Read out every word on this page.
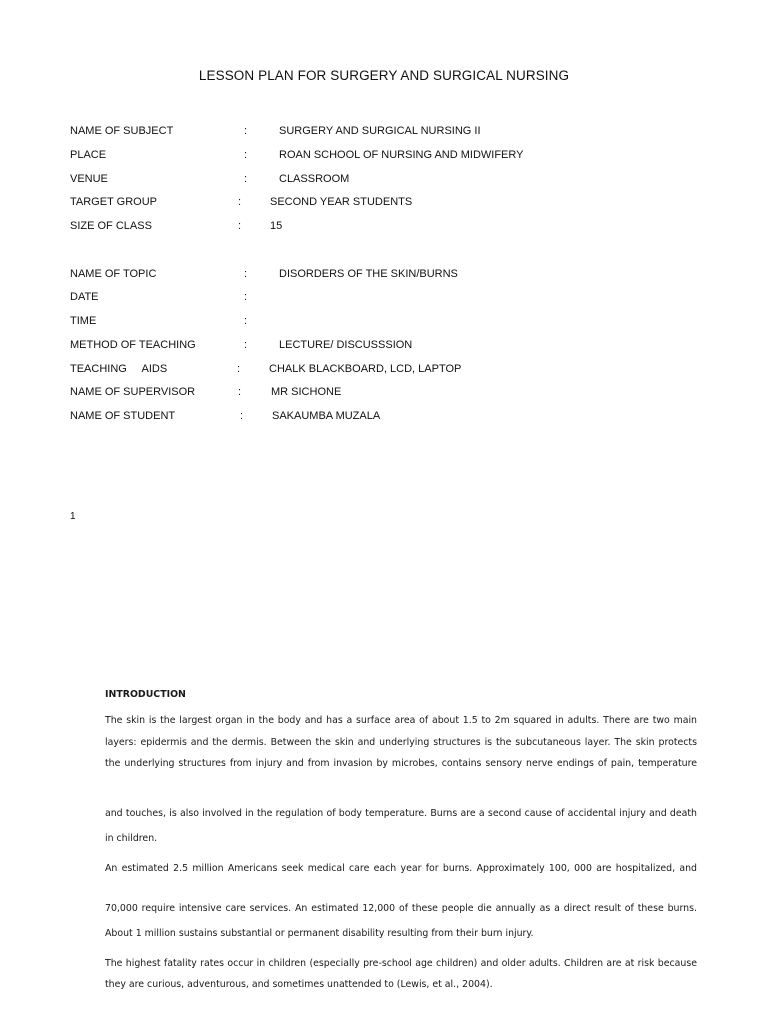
LESSON PLAN FOR SURGERY AND SURGICAL NURSING
NAME OF SUBJECT	:	SURGERY AND SURGICAL NURSING II
PLACE	:	ROAN SCHOOL OF NURSING AND MIDWIFERY
VENUE	:	CLASSROOM
TARGET GROUP	:	SECOND YEAR STUDENTS
SIZE OF CLASS	:	15
NAME OF TOPIC	:	DISORDERS OF THE SKIN/BURNS
DATE	:
TIME	:
METHOD OF TEACHING	:	LECTURE/ DISCUSSSION
TEACHING     AIDS	:	CHALK BLACKBOARD, LCD, LAPTOP
NAME OF SUPERVISOR	:	MR SICHONE
NAME OF STUDENT	:	SAKAUMBA MUZALA
1
INTRODUCTION
The skin is the largest organ in the body and has a surface area of about 1.5 to 2m squared in adults. There are two main
layers: epidermis and the dermis. Between the skin and underlying structures is the subcutaneous layer. The skin protects
the underlying structures from injury and from invasion by microbes, contains sensory nerve endings of pain, temperature
and touches, is also involved in the regulation of body temperature. Burns are a second cause of accidental injury and death
in children.
An estimated 2.5 million Americans seek medical care each year for burns. Approximately 100, 000 are hospitalized, and
70,000 require intensive care services. An estimated 12,000 of these people die annually as a direct result of these burns.
About 1 million sustains substantial or permanent disability resulting from their burn injury.
The highest fatality rates occur in children (especially pre-school age children) and older adults. Children are at risk because
they are curious, adventurous, and sometimes unattended to (Lewis, et al., 2004).
